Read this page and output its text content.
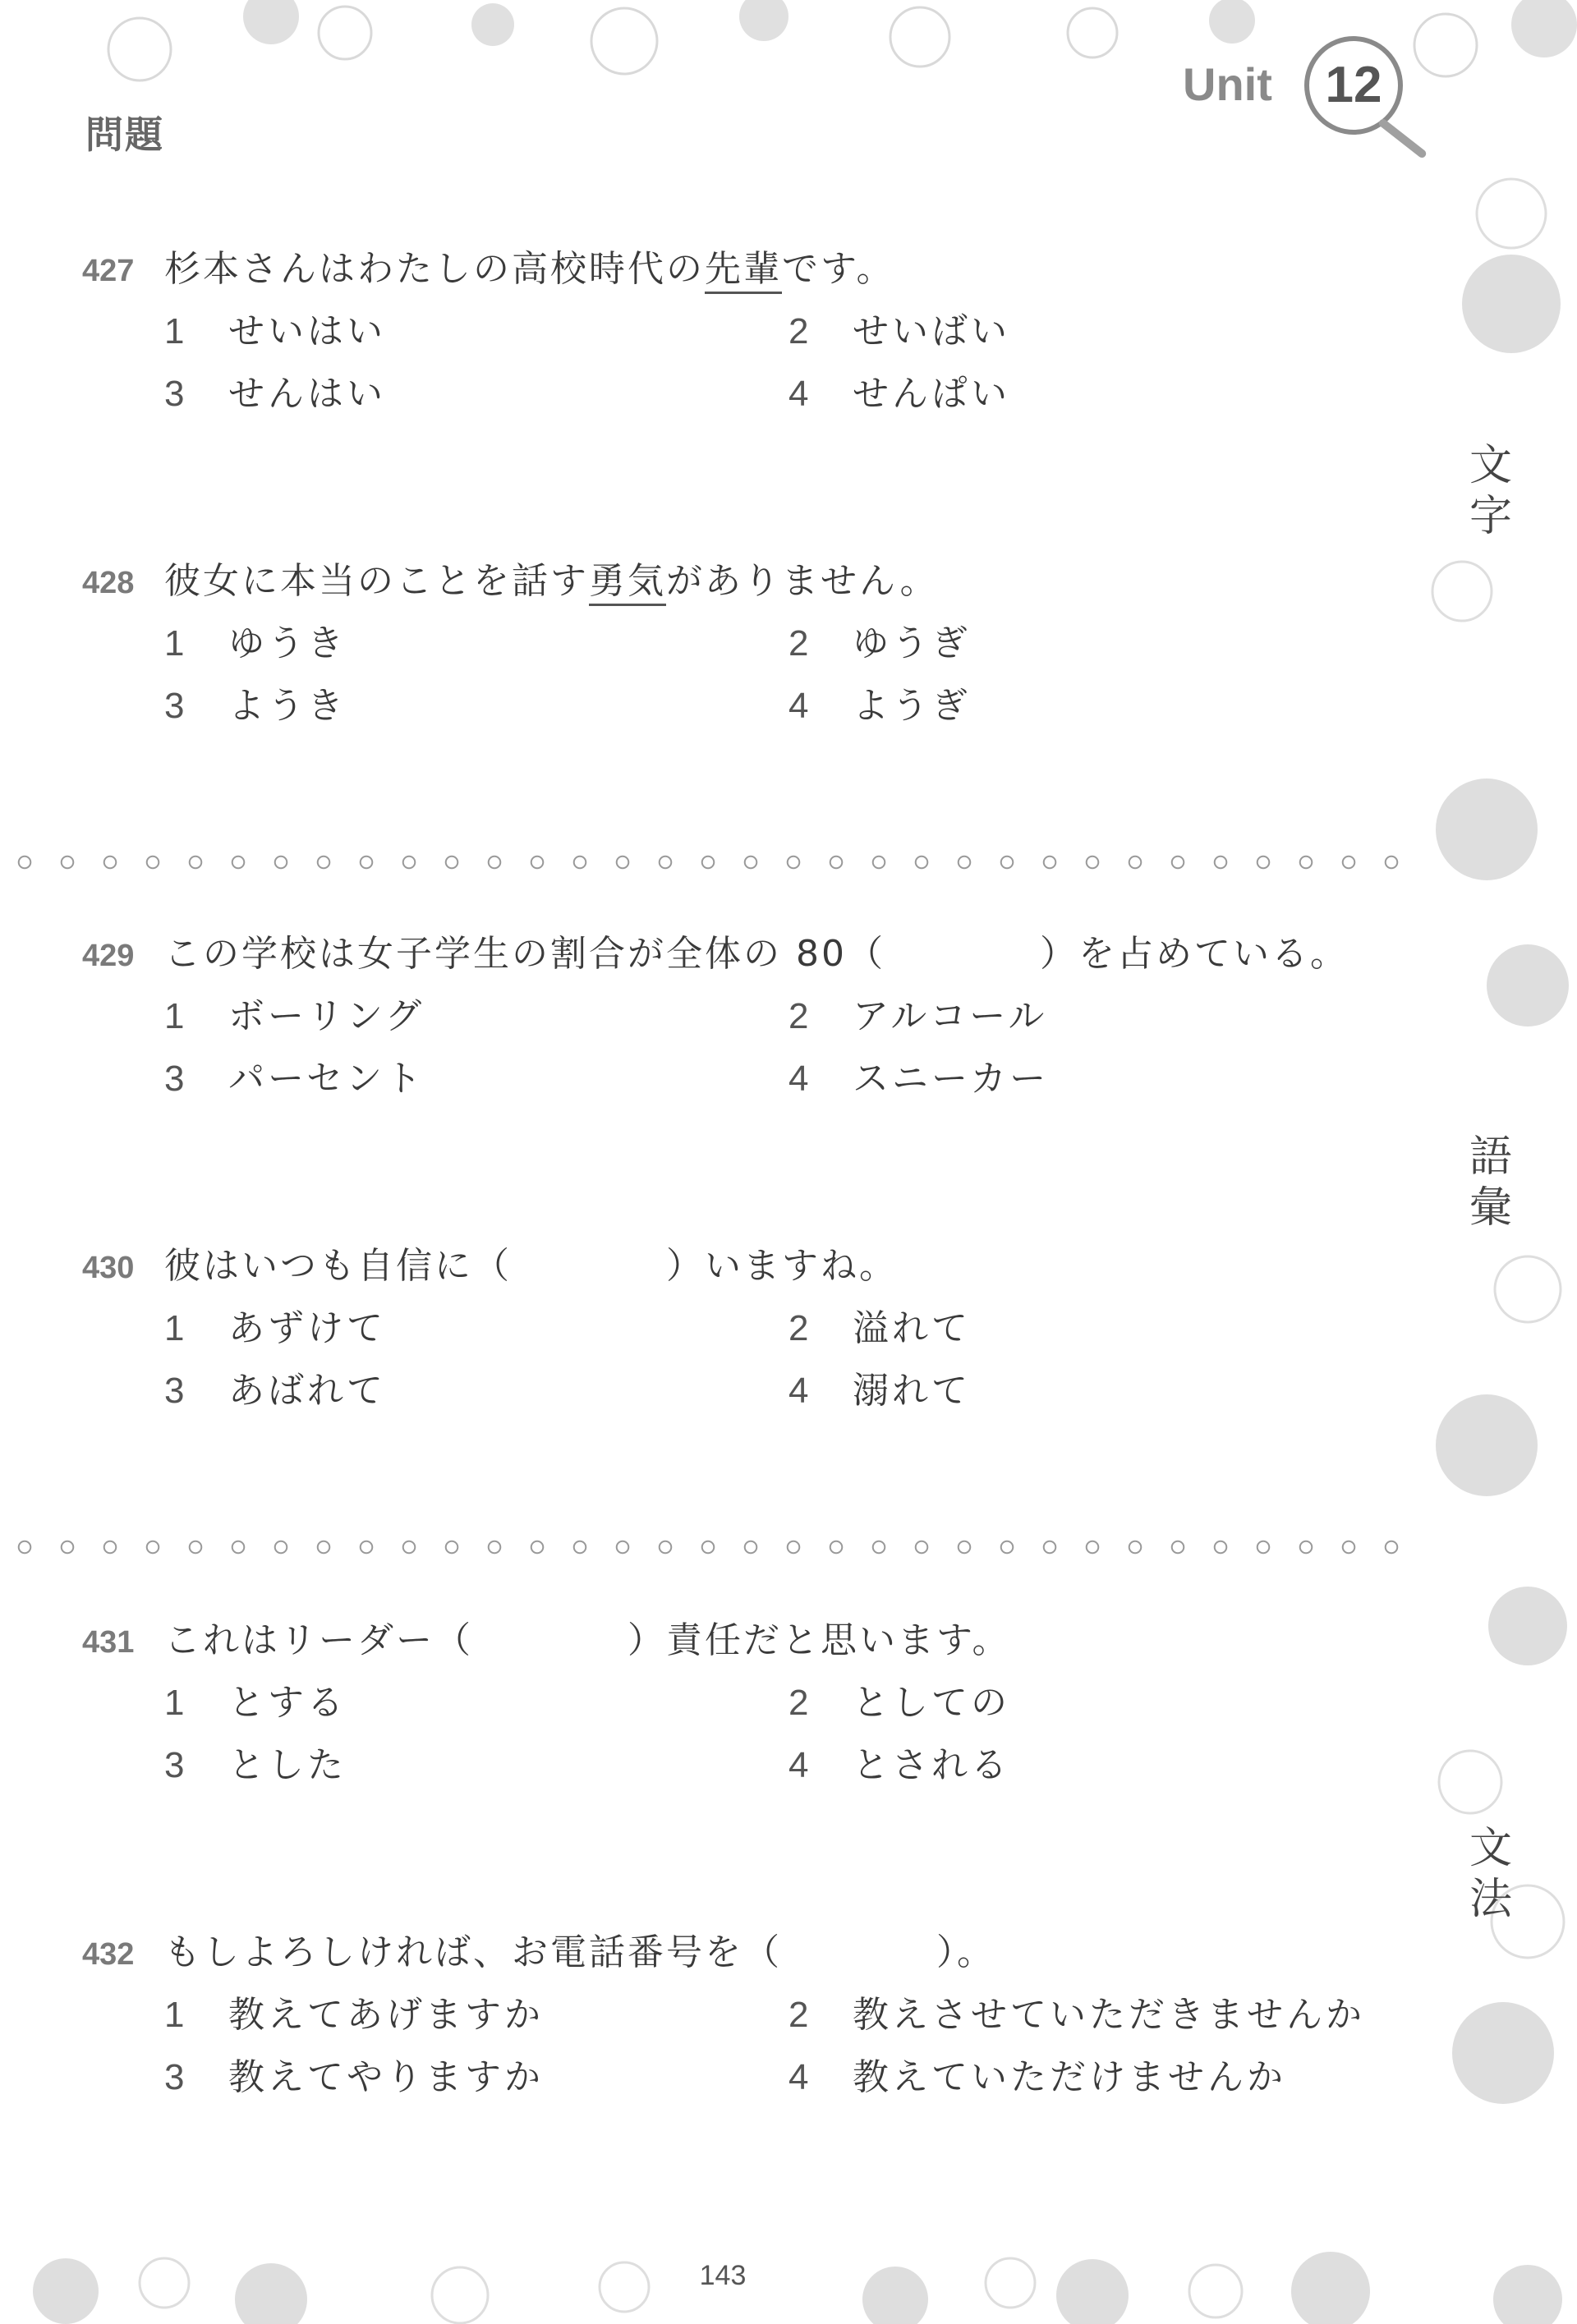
問題
Unit	12
文字
語彙
文法
427 杉本さんはわたしの高校時代の先輩です。
1 せいはい	2 せいばい
3 せんはい	4 せんぱい
428 彼女に本当のことを話す勇気がありません。
1 ゆうき	2 ゆうぎ
3 ようき	4 ようぎ
429 この学校は女子学生の割合が全体の 80（　　　　）を占めている。
1 ボーリング	2 アルコール
3 パーセント	4 スニーカー
430 彼はいつも自信に（　　　　）いますね。
1 あずけて	2 溢れて
3 あばれて	4 溺れて
431 これはリーダー（　　　　）責任だと思います。
1 とする	2 としての
3 とした	4 とされる
432 もしよろしければ、お電話番号を（　　　　）。
1 教えてあげますか	2 教えさせていただきませんか
3 教えてやりますか	4 教えていただけませんか
143
